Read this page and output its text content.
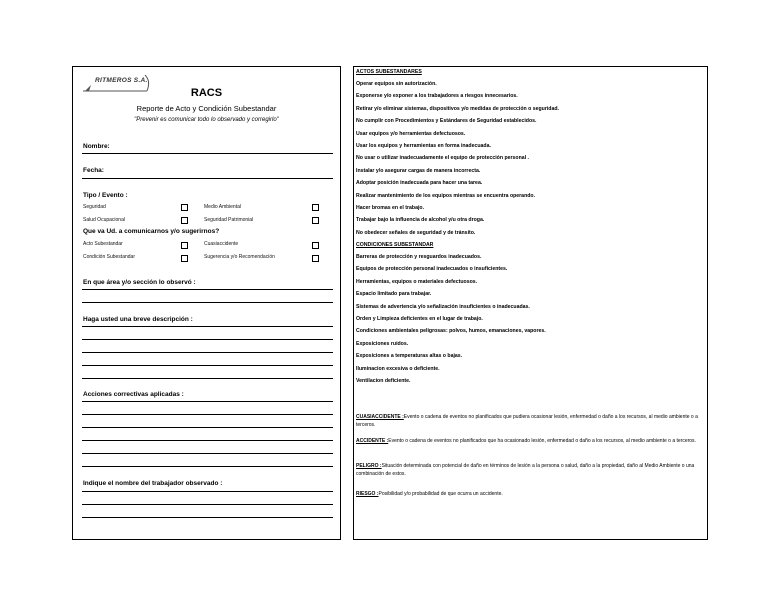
RITMEROS S.A.
RACS
Reporte de Acto y Condición Subestandar
"Prevenir es comunicar todo lo observado y corregirlo"
Nombre:
Fecha:
Tipo / Evento :
Seguridad	Medio Ambiental
Salud Ocupacional	Seguridad Patrimonial
Que va Ud. a comunicarnos y/o sugerirnos?
Acto Subestandar	Cuasiaccidente
Condición Subestandar	Sugerencia y/o Recomendación
En que área y/o sección lo observó :
Haga usted una breve descripción :
Acciones correctivas aplicadas :
Indique el nombre del trabajador observado :
ACTOS SUBESTANDARES
Operar equipos sin autorización.
Exponerse y/o exponer a los trabajadores a riesgos innecesarios.
Retirar y/o eliminar sistemas, dispositivos y/o medidas de protección o seguridad.
No cumplir con Procedimientos y Estándares de Seguridad establecidos.
Usar equipos y/o herramientas defectuosos.
Usar los equipos y herramientas en forma inadecuada.
No usar o utilizar inadecuadamente el equipo de protección personal .
Instalar y/o asegurar cargas de manera incorrecta.
Adoptar posición inadecuada para hacer una tarea.
Realizar mantenimiento de los equipos mientras se encuentra operando.
Hacer bromas en el trabajo.
Trabajar bajo la influencia de alcohol y/u otra droga.
No obedecer señales de seguridad y de tránsito.
CONDICIONES SUBESTANDAR
Barreras de protección y resguardos inadecuados.
Equipos de protección personal inadecuados o insuficientes.
Herramientas, equipos o materiales defectuosos.
Espacio limitado para trabajar.
Sistemas de advertencia y/o señalización insuficientes o inadecuadas.
Orden y Limpieza deficientes en el lugar de trabajo.
Condiciones ambientales peligrosas: polvos, humos, emanaciones, vapores.
Exposiciones ruidos.
Exposiciones a temperaturas altas o bajas.
Iluminacion excesiva o deficiente.
Ventilacion deficiente.
CUASIACCIDENTE :Evento o cadena de eventos no planificados que pudiera ocasionar lesión, enfermedad o daño a los recursos, al medio ambiente o a terceros.
ACCIDENTE :Evento o cadena de eventos no planificados que ha ocasionado lesión, enfermedad o daño a los recursos, al medio ambiente o a terceros.
PELIGRO :Situación determinada con potencial de daño en términos de lesión a la persona o salud, daño a la propiedad, daño al Medio Ambiente o una combinación de estos.
RIESGO :Posibilidad y/o probabilidad de que ocurra un accidente.
